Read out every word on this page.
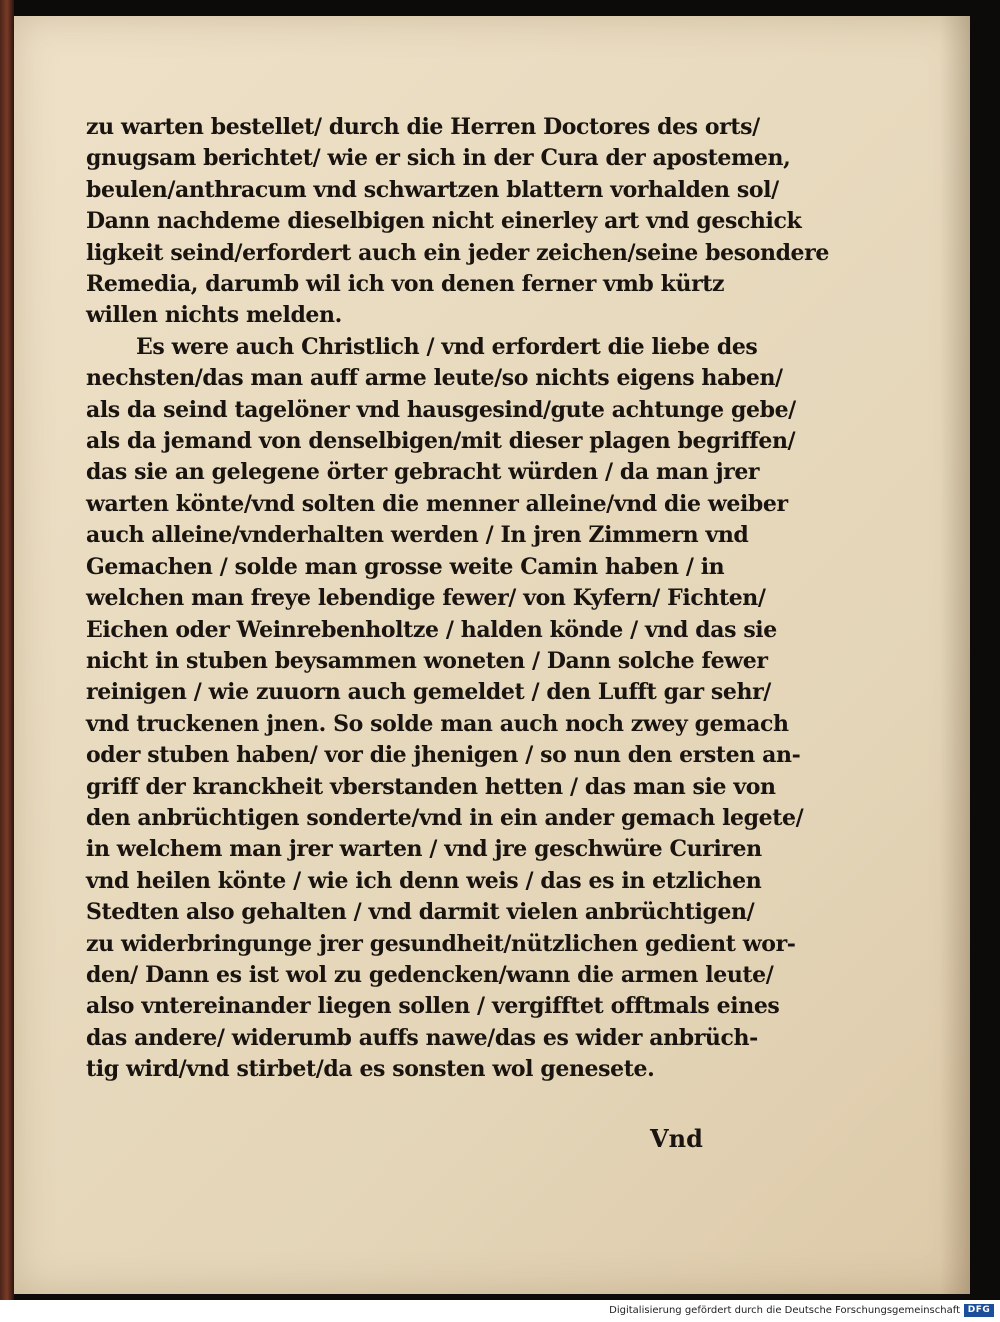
zu warten bestellet/ durch die Herren Doctores des orts/
gnugsam berichtet/ wie er sich in der Cura der apostemen,
beulen/anthracum vnd schwartzen blattern vorhalden sol/
Dann nachdeme dieselbigen nicht einerley art vnd geschick
ligkeit seind/erfordert auch ein jeder zeichen/seine besondere
Remedia, darumb wil ich von denen ferner vmb kürtz
willen nichts melden.
Es were auch Christlich / vnd erfordert die liebe des
nechsten/das man auff arme leute/so nichts eigens haben/
als da seind tagelöner vnd hausgesind/gute achtunge gebe/
als da jemand von denselbigen/mit dieser plagen begriffen/
das sie an gelegene örter gebracht würden / da man jrer
warten könte/vnd solten die menner alleine/vnd die weiber
auch alleine/vnderhalten werden / In jren Zimmern vnd
Gemachen / solde man grosse weite Camin haben / in
welchen man freye lebendige fewer/ von Kyfern/ Fichten/
Eichen oder Weinrebenholtze / halden könde / vnd das sie
nicht in stuben beysammen woneten / Dann solche fewer
reinigen / wie zuuorn auch gemeldet / den Lufft gar sehr/
vnd truckenen jnen. So solde man auch noch zwey gemach
oder stuben haben/ vor die jhenigen / so nun den ersten an-
griff der kranckheit vberstanden hetten / das man sie von
den anbrüchtigen sonderte/vnd in ein ander gemach legete/
in welchem man jrer warten / vnd jre geschwüre Curiren
vnd heilen könte / wie ich denn weis / das es in etzlichen
Stedten also gehalten / vnd darmit vielen anbrüchtigen/
zu widerbringunge jrer gesundheit/nützlichen gedient wor-
den/ Dann es ist wol zu gedencken/wann die armen leute/
also vntereinander liegen sollen / vergifftet offtmals eines
das andere/ widerumb auffs nawe/das es wider anbrüch-
tig wird/vnd stirbet/da es sonsten wol genesete.
Vnd
Digitalisierung gefördert durch die Deutsche Forschungsgemeinschaft DFG
